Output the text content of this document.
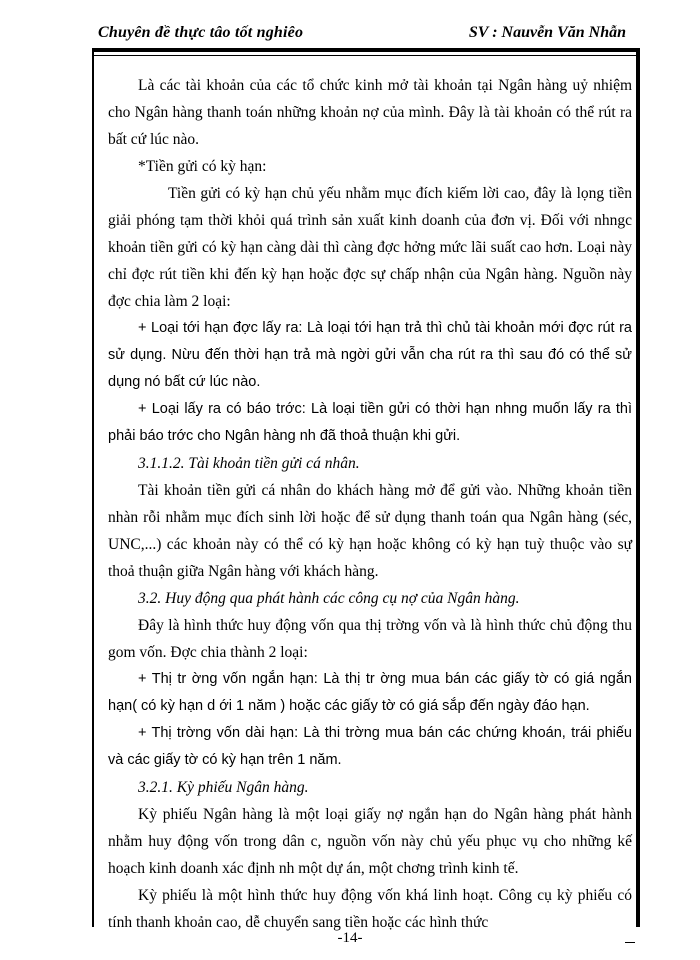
Chuyên đề thực tâo tốt nghiêo	SV : Nauvễn Văn Nhẫn

Là các tài khoản của các tổ chức kinh mở tài khoản tại Ngân hàng uỷ nhiệm cho Ngân hàng thanh toán những khoản nợ của mình. Đây là tài khoản có thể rút ra bất cứ lúc nào.

*Tiền gửi có kỳ hạn:

Tiền gửi có kỳ hạn chủ yếu nhằm mục đích kiếm lời cao, đây là lọng tiền giải phóng tạm thời khỏi quá trình sản xuất kinh doanh của đơn vị. Đối với nhngc khoản tiền gửi có kỳ hạn càng dài thì càng đợc hởng mức lãi suất cao hơn. Loại này chỉ đợc rút tiền khi đến kỳ hạn hoặc đợc sự chấp nhận của Ngân hàng. Nguồn này đợc chia làm 2 loại:

+ Loại tới hạn đợc lấy ra: Là loại tới hạn trả thì chủ tài khoản mới đợc rút ra sử dụng. Nừu đến thời hạn trả mà ngời gửi vẫn cha rút ra thì sau đó có thể sử dụng nó bất cứ lúc nào.

+ Loại lấy ra có báo trớc: Là loại tiền gửi có thời hạn nhng muốn lấy ra thì phải báo trớc cho Ngân hàng nh đã thoả thuận khi gửi.

3.1.1.2. Tài khoản tiền gửi cá nhân.

Tài khoản tiền gửi cá nhân do khách hàng mở để gửi vào. Những khoản tiền nhàn rỗi nhằm mục đích sinh lời hoặc để sử dụng thanh toán qua Ngân hàng (séc, UNC,...) các khoản này có thể có kỳ hạn hoặc không có kỳ hạn tuỳ thuộc vào sự thoả thuận giữa Ngân hàng với khách hàng.

3.2. Huy động qua phát hành các công cụ nợ của Ngân hàng.

Đây là hình thức huy động vốn qua thị trờng vốn và là hình thức chủ động thu gom vốn. Đợc chia thành 2 loại:

+ Thị tr ờng vốn ngắn hạn: Là thị tr ờng mua bán các giấy tờ có giá ngắn hạn( có kỳ hạn d ới 1 năm ) hoặc các giấy tờ có giá sắp đến ngày đáo hạn.

+ Thị trờng vốn dài hạn: Là thi trờng mua bán các chứng khoán, trái phiếu và các giấy tờ có kỳ hạn trên 1 năm.

3.2.1. Kỳ phiếu Ngân hàng.

Kỳ phiếu Ngân hàng là một loại giấy nợ ngắn hạn do Ngân hàng phát hành nhằm huy động vốn trong dân c, nguồn vốn này chủ yếu phục vụ cho những kế hoạch kinh doanh xác định nh một dự án, một chơng trình kinh tế.

Kỳ phiếu là một hình thức huy động vốn khá linh hoạt. Công cụ kỳ phiếu có tính thanh khoản cao, dễ chuyển sang tiền hoặc các hình thức

-14-
